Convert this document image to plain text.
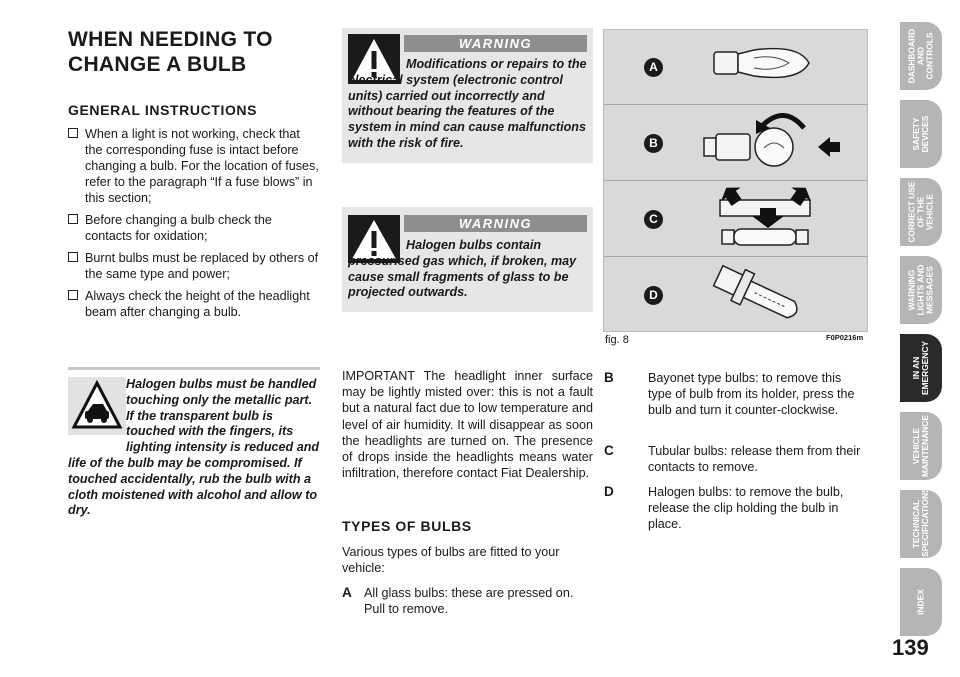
WHEN NEEDING TO CHANGE A BULB
GENERAL INSTRUCTIONS
When a light is not working, check that the corresponding fuse is intact before changing a bulb. For the location of fuses, refer to the paragraph “If a fuse blows” in this section;
Before changing a bulb check the contacts for oxidation;
Burnt bulbs must be replaced by others of the same type and power;
Always check the height of the headlight beam after changing a bulb.
Halogen bulbs must be handled touching only the metallic part. If the transparent bulb is touched with the fingers, its lighting intensity is reduced and life of the bulb may be compromised. If touched accidentally, rub the bulb with a cloth moistened with alcohol and allow to dry.
WARNING
Modifications or repairs to the electrical system (electronic control units) carried out incorrectly and without bearing the features of the system in mind can cause malfunctions with the risk of fire.
WARNING
Halogen bulbs contain pressurised gas which, if broken, may cause small fragments of glass to be projected outwards.
IMPORTANT The headlight inner surface may be lightly misted over: this is not a fault but a natural fact due to low temperature and level of air humidity. It will disappear as soon the headlights are turned on. The presence of drops inside the headlights means water infiltration, therefore contact Fiat Dealership.
TYPES OF BULBS
Various types of bulbs are fitted to your vehicle:
A All glass bulbs: these are pressed on. Pull to remove.
A
B
C
D
fig. 8	F0P0216m
B	Bayonet type bulbs: to remove this type of bulb from its holder, press the bulb and turn it counter-clockwise.
C	Tubular bulbs: release them from their contacts to remove.
D	Halogen bulbs: to remove the bulb, release the clip holding the bulb in place.
DASHBOARD AND CONTROLS
SAFETY DEVICES
CORRECT USE OF THE VEHICLE
WARNING LIGHTS AND MESSAGES
IN AN EMERGENCY
VEHICLE MAINTENANCE
TECHNICAL SPECIFICATIONS
INDEX
139
